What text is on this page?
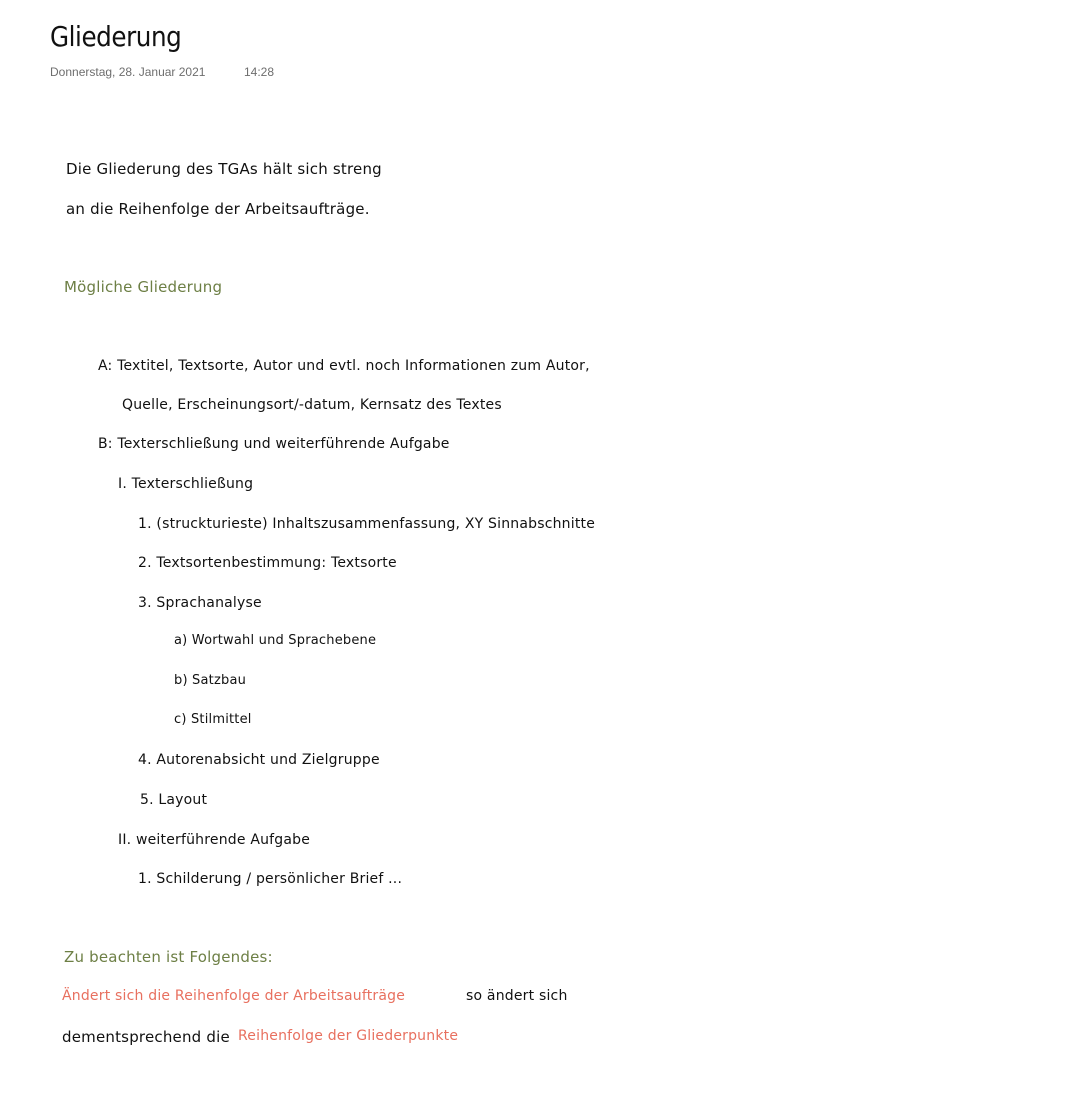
Gliederung
Donnerstag, 28. Januar 2021	14:28
Die Gliederung des TGAs hält sich streng
an die Reihenfolge der Arbeitsaufträge.
Mögliche Gliederung
A: Textitel, Textsorte, Autor und evtl. noch Informationen zum Autor,
Quelle, Erscheinungsort/-datum, Kernsatz des Textes
B: Texterschließung und weiterführende Aufgabe
I. Texterschließung
1. (struckturieste) Inhaltszusammenfassung, XY Sinnabschnitte
2. Textsortenbestimmung: Textsorte
3. Sprachanalyse
a) Wortwahl und Sprachebene
b) Satzbau
c) Stilmittel
4. Autorenabsicht und Zielgruppe
5. Layout
II. weiterführende Aufgabe
1. Schilderung / persönlicher Brief ...
Zu beachten ist Folgendes:
Ändert sich die Reihenfolge der Arbeitsaufträge	so ändert sich
dementsprechend die Reihenfolge der Gliederpunkte
